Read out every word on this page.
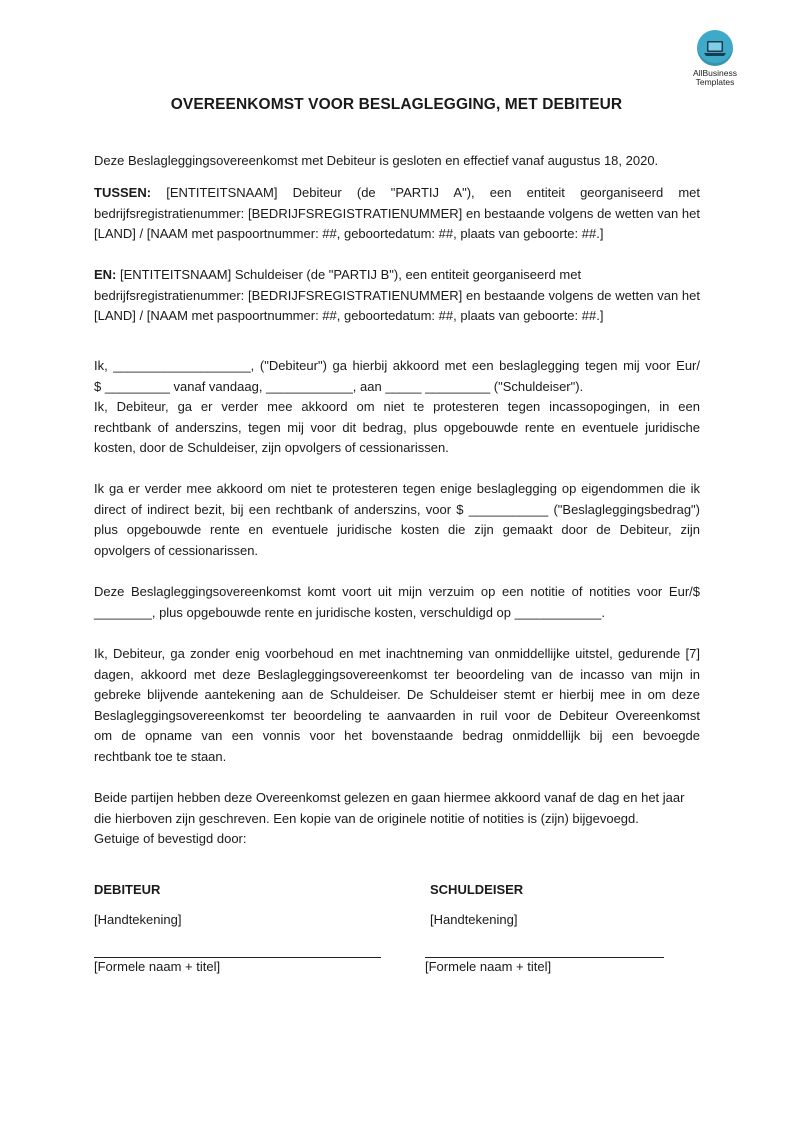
AllBusiness
Templates
OVEREENKOMST VOOR BESLAGLEGGING, MET DEBITEUR

Deze Beslagleggingsovereenkomst met Debiteur is gesloten en effectief vanaf augustus 18, 2020.

TUSSEN: [ENTITEITSNAAM] Debiteur (de "PARTIJ A"), een entiteit georganiseerd met
bedrijfsregistratienummer: [BEDRIJFSREGISTRATIENUMMER] en bestaande volgens de wetten van het
[LAND] / [NAAM met paspoortnummer: ##, geboortedatum: ##, plaats van geboorte: ##.]

EN: [ENTITEITSNAAM] Schuldeiser (de "PARTIJ B"), een entiteit georganiseerd met
bedrijfsregistratienummer: [BEDRIJFSREGISTRATIENUMMER] en bestaande volgens de wetten van het
[LAND] / [NAAM met paspoortnummer: ##, geboortedatum: ##, plaats van geboorte: ##.]

Ik, ___________________, ("Debiteur") ga hierbij akkoord met een beslaglegging tegen mij voor Eur/
$ _________ vanaf vandaag, ____________, aan _____ _________ ("Schuldeiser").
Ik, Debiteur, ga er verder mee akkoord om niet te protesteren tegen incassopogingen, in een
rechtbank of anderszins, tegen mij voor dit bedrag, plus opgebouwde rente en eventuele juridische
kosten, door de Schuldeiser, zijn opvolgers of cessionarissen.

Ik ga er verder mee akkoord om niet te protesteren tegen enige beslaglegging op eigendommen die ik
direct of indirect bezit, bij een rechtbank of anderszins, voor $ ___________ ("Beslagleggingsbedrag")
plus opgebouwde rente en eventuele juridische kosten die zijn gemaakt door de Debiteur, zijn
opvolgers of cessionarissen.

Deze Beslagleggingsovereenkomst komt voort uit mijn verzuim op een notitie of notities voor Eur/$
________, plus opgebouwde rente en juridische kosten, verschuldigd op ____________.

Ik, Debiteur, ga zonder enig voorbehoud en met inachtneming van onmiddellijke uitstel, gedurende [7]
dagen, akkoord met deze Beslagleggingsovereenkomst ter beoordeling van de incasso van mijn in
gebreke blijvende aantekening aan de Schuldeiser. De Schuldeiser stemt er hierbij mee in om deze
Beslagleggingsovereenkomst ter beoordeling te aanvaarden in ruil voor de Debiteur Overeenkomst
om de opname van een vonnis voor het bovenstaande bedrag onmiddellijk bij een bevoegde
rechtbank toe te staan.

Beide partijen hebben deze Overeenkomst gelezen en gaan hiermee akkoord vanaf de dag en het jaar
die hierboven zijn geschreven. Een kopie van de originele notitie of notities is (zijn) bijgevoegd.
Getuige of bevestigd door:

DEBITEUR
[Handtekening]
[Formele naam + titel]
SCHULDEISER
[Handtekening]
[Formele naam + titel]
